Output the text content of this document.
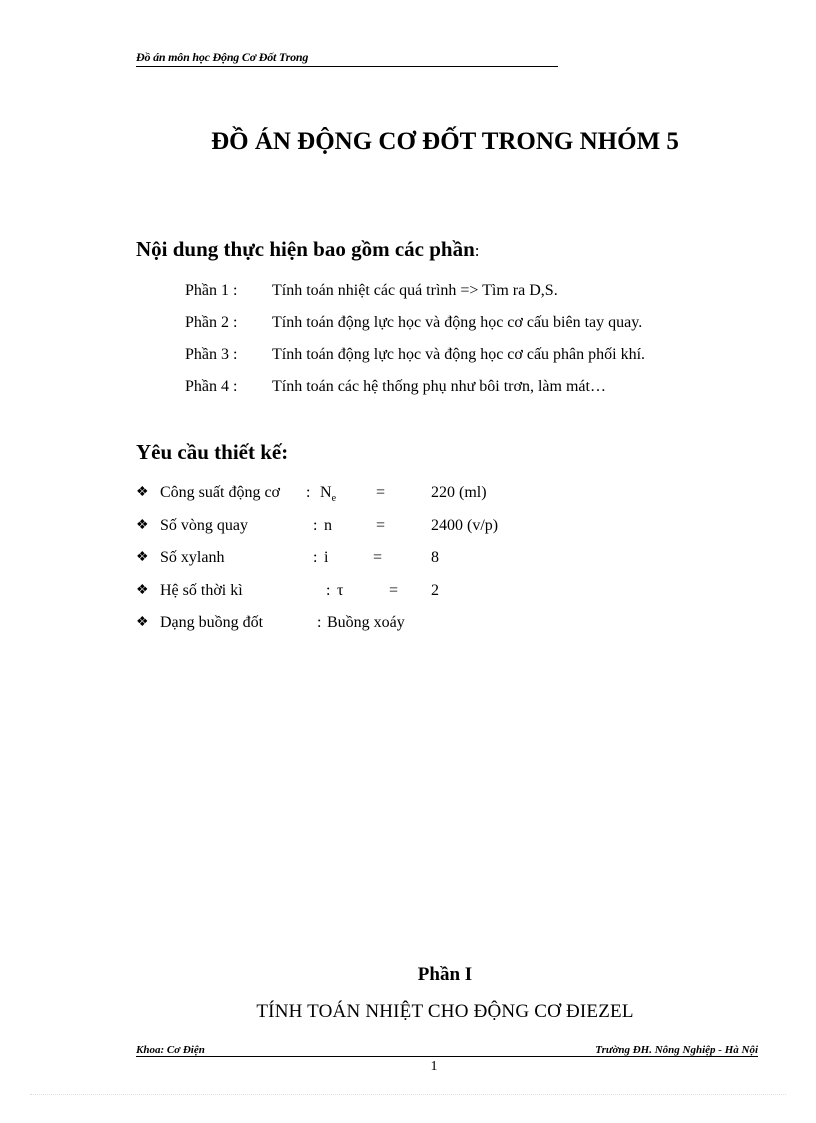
Đồ án môn học Động Cơ Đốt Trong
ĐỒ ÁN ĐỘNG CƠ ĐỐT TRONG NHÓM 5
Nội dung thực hiện bao gồm các phần:
Phần 1 : Tính toán nhiệt các quá trình => Tìm ra D,S.
Phần 2 : Tính toán động lực học và động học cơ cấu biên tay quay.
Phần 3 : Tính toán động lực học và động học cơ cấu phân phối khí.
Phần 4 : Tính toán các hệ thống phụ như bôi trơn, làm mát…
Yêu cầu thiết kế:
❖ Công suất động cơ : $N_e$ =	220 (ml)
❖ Số vòng quay	: n	=	2400 (v/p)
❖ Số xylanh	: i	=	8
❖ Hệ số thời kì	: τ	= 2
❖ Dạng buồng đốt	: Buồng xoáy
Phần I
TÍNH TOÁN NHIỆT CHO ĐỘNG CƠ ĐIEZEL
Khoa: Cơ Điện	Trường ĐH. Nông Nghiệp - Hà Nội
1
